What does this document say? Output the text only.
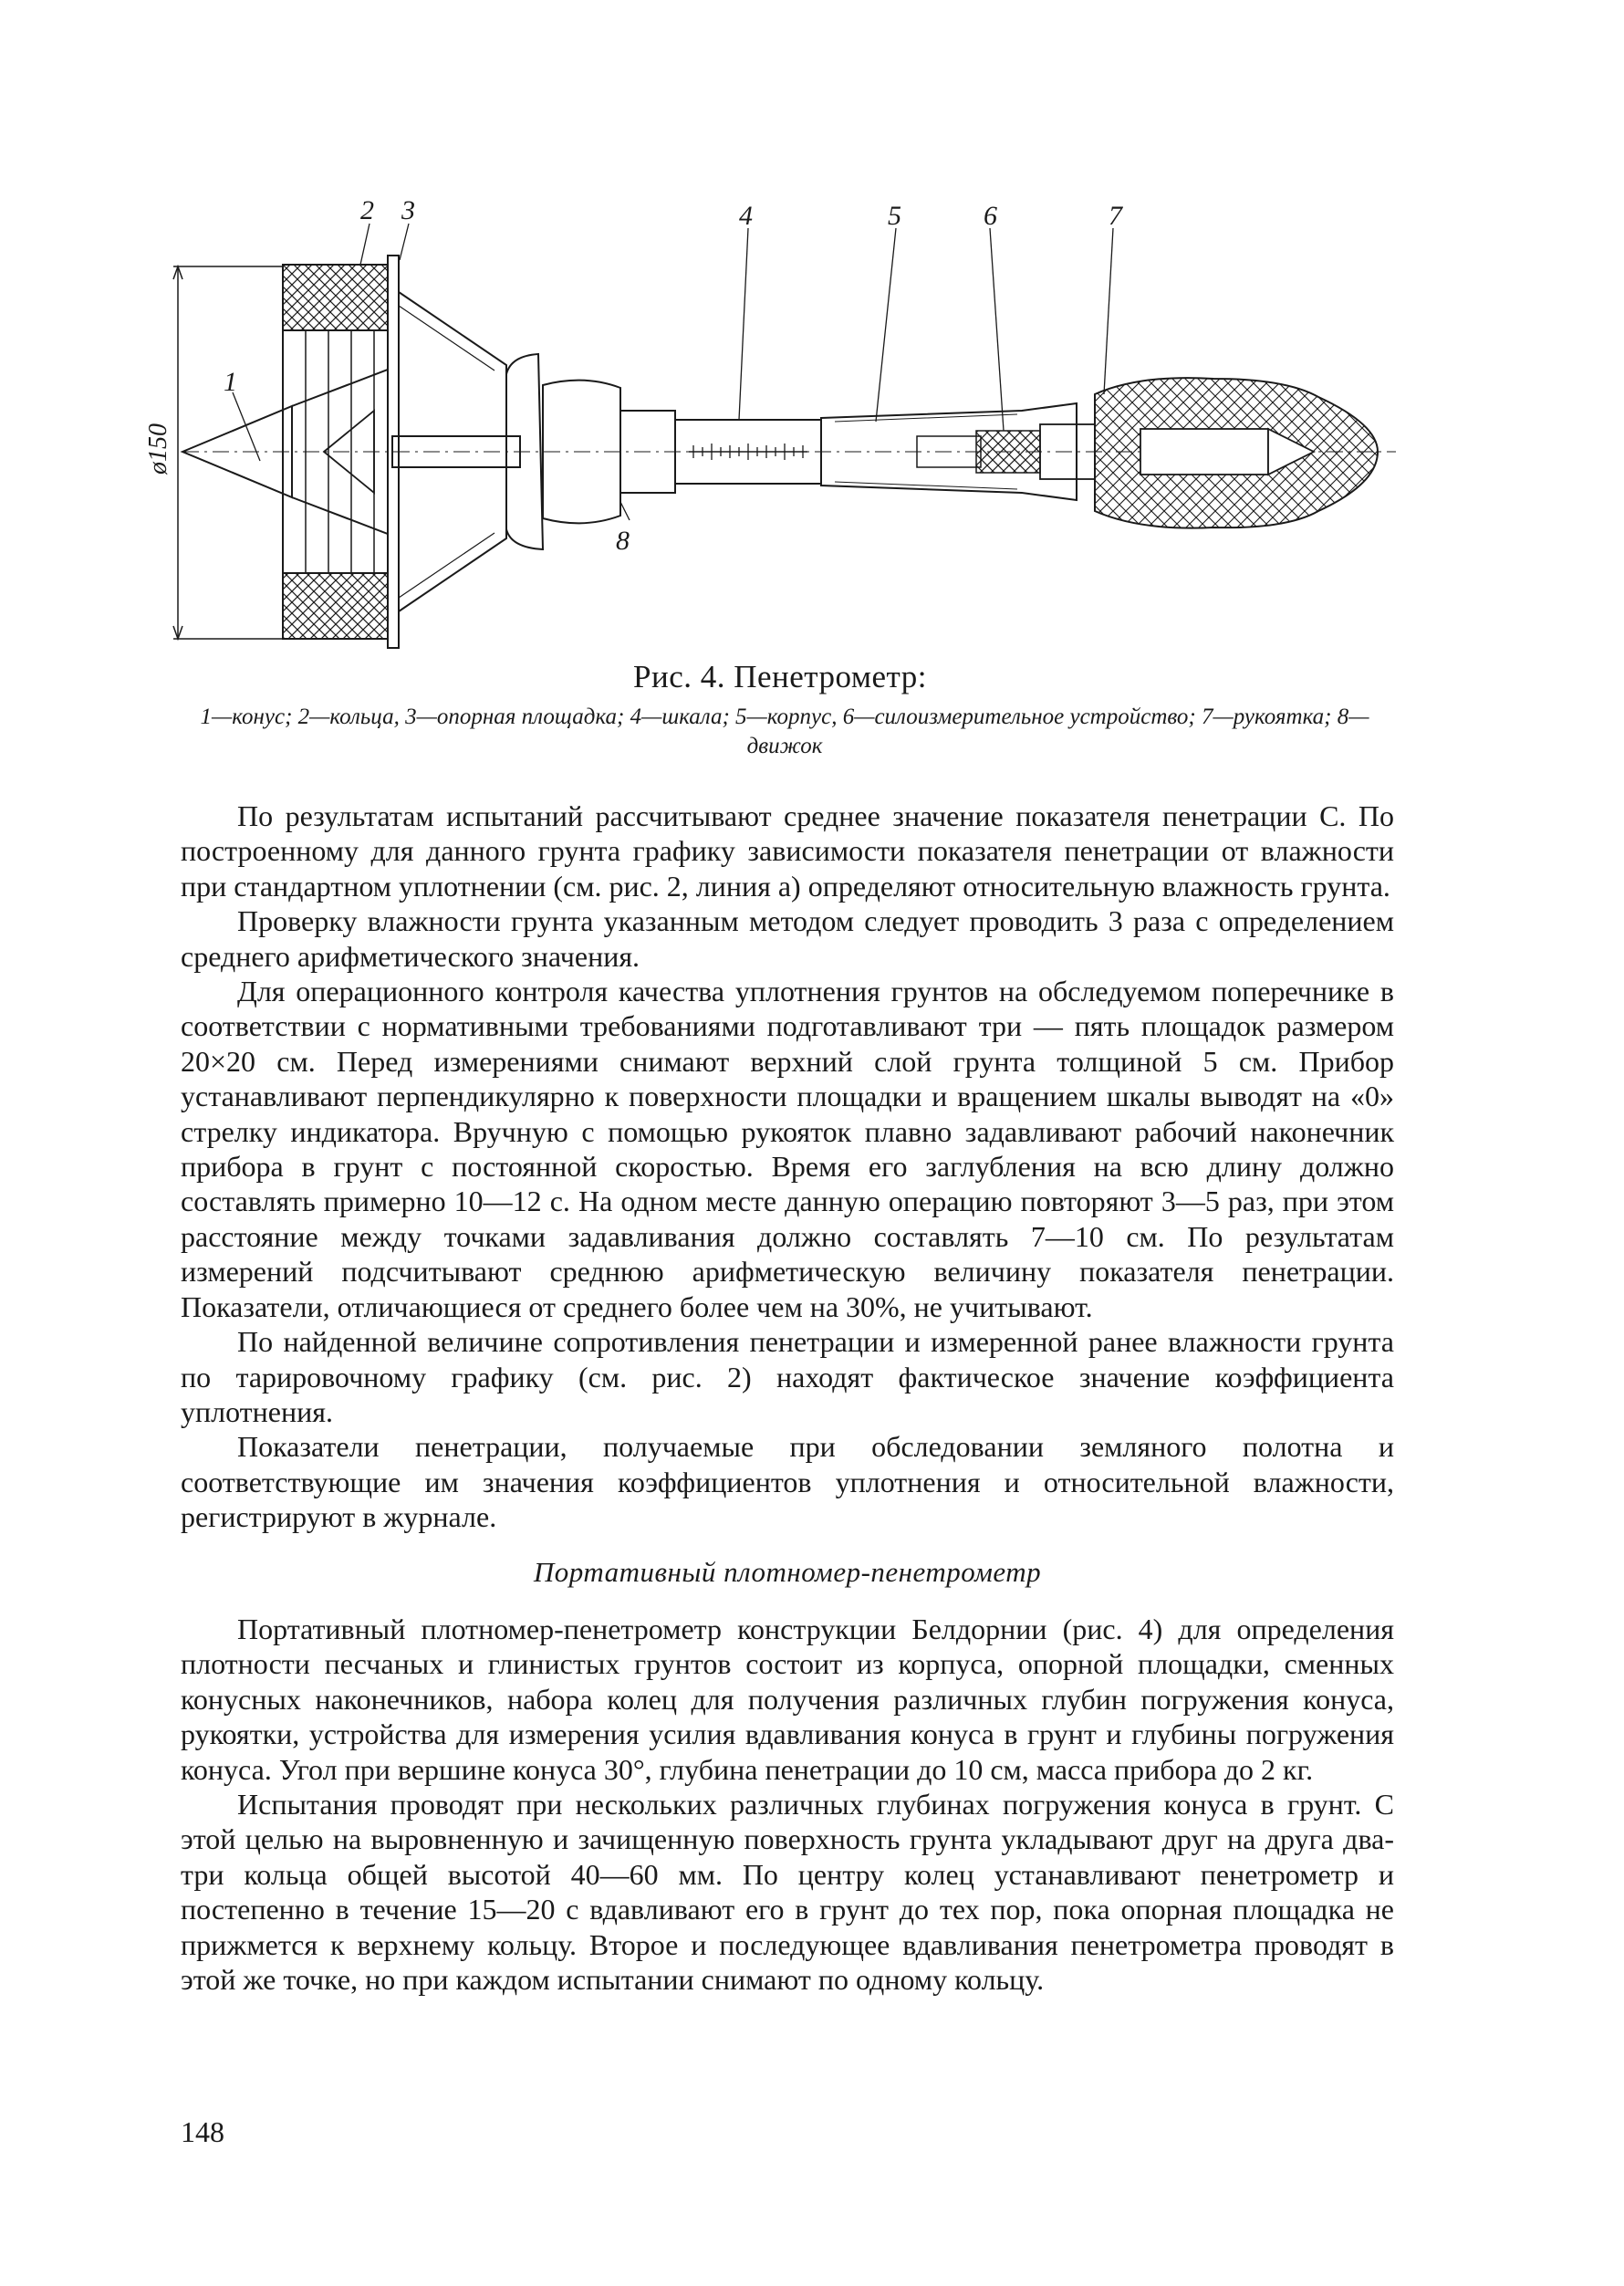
ø150
1
2 3	4	5	6	7
8
Рис. 4. Пенетрометр:
1—конус; 2—кольца, 3—опорная площадка; 4—шкала; 5—корпус, 6—силоизмерительное устройство; 7—рукоятка; 8—движок

По результатам испытаний рассчитывают среднее значение показателя пенетрации С. По построенному для данного грунта графику зависимости показателя пенетрации от влажности при стандартном уплотнении (см. рис. 2, линия а) определяют относительную влажность грунта.

Проверку влажности грунта указанным методом следует проводить 3 раза с определением среднего арифметического значения.

Для операционного контроля качества уплотнения грунтов на обследуемом поперечнике в соответствии с нормативными требованиями подготавливают три — пять площадок размером 20×20 см. Перед измерениями снимают верхний слой грунта толщиной 5 см. Прибор устанавливают перпендикулярно к поверхности площадки и вращением шкалы выводят на «0» стрелку индикатора. Вручную с помощью рукояток плавно задавливают рабочий наконечник прибора в грунт с постоянной скоростью. Время его заглубления на всю длину должно составлять примерно 10—12 с. На одном месте данную операцию повторяют 3—5 раз, при этом расстояние между точками задавливания должно составлять 7—10 см. По результатам измерений подсчитывают среднюю арифметическую величину показателя пенетрации. Показатели, отличающиеся от среднего более чем на 30%, не учитывают.

По найденной величине сопротивления пенетрации и измеренной ранее влажности грунта по тарировочному графику (см. рис. 2) находят фактическое значение коэффициента уплотнения.

Показатели пенетрации, получаемые при обследовании земляного полотна и соответствующие им значения коэффициентов уплотнения и относительной влажности, регистрируют в журнале.

Портативный плотномер-пенетрометр

Портативный плотномер-пенетрометр конструкции Белдорнии (рис. 4) для определения плотности песчаных и глинистых грунтов состоит из корпуса, опорной площадки, сменных конусных наконечников, набора колец для получения различных глубин погружения конуса, рукоятки, устройства для измерения усилия вдавливания конуса в грунт и глубины погружения конуса. Угол при вершине конуса 30°, глубина пенетрации до 10 см, масса прибора до 2 кг.

Испытания проводят при нескольких различных глубинах погружения конуса в грунт. С этой целью на выровненную и зачищенную поверхность грунта укладывают друг на друга два-три кольца общей высотой 40—60 мм. По центру колец устанавливают пенетрометр и постепенно в течение 15—20 с вдавливают его в грунт до тех пор, пока опорная площадка не прижмется к верхнему кольцу. Второе и последующее вдавливания пенетрометра проводят в этой же точке, но при каждом испытании снимают по одному кольцу.

148
